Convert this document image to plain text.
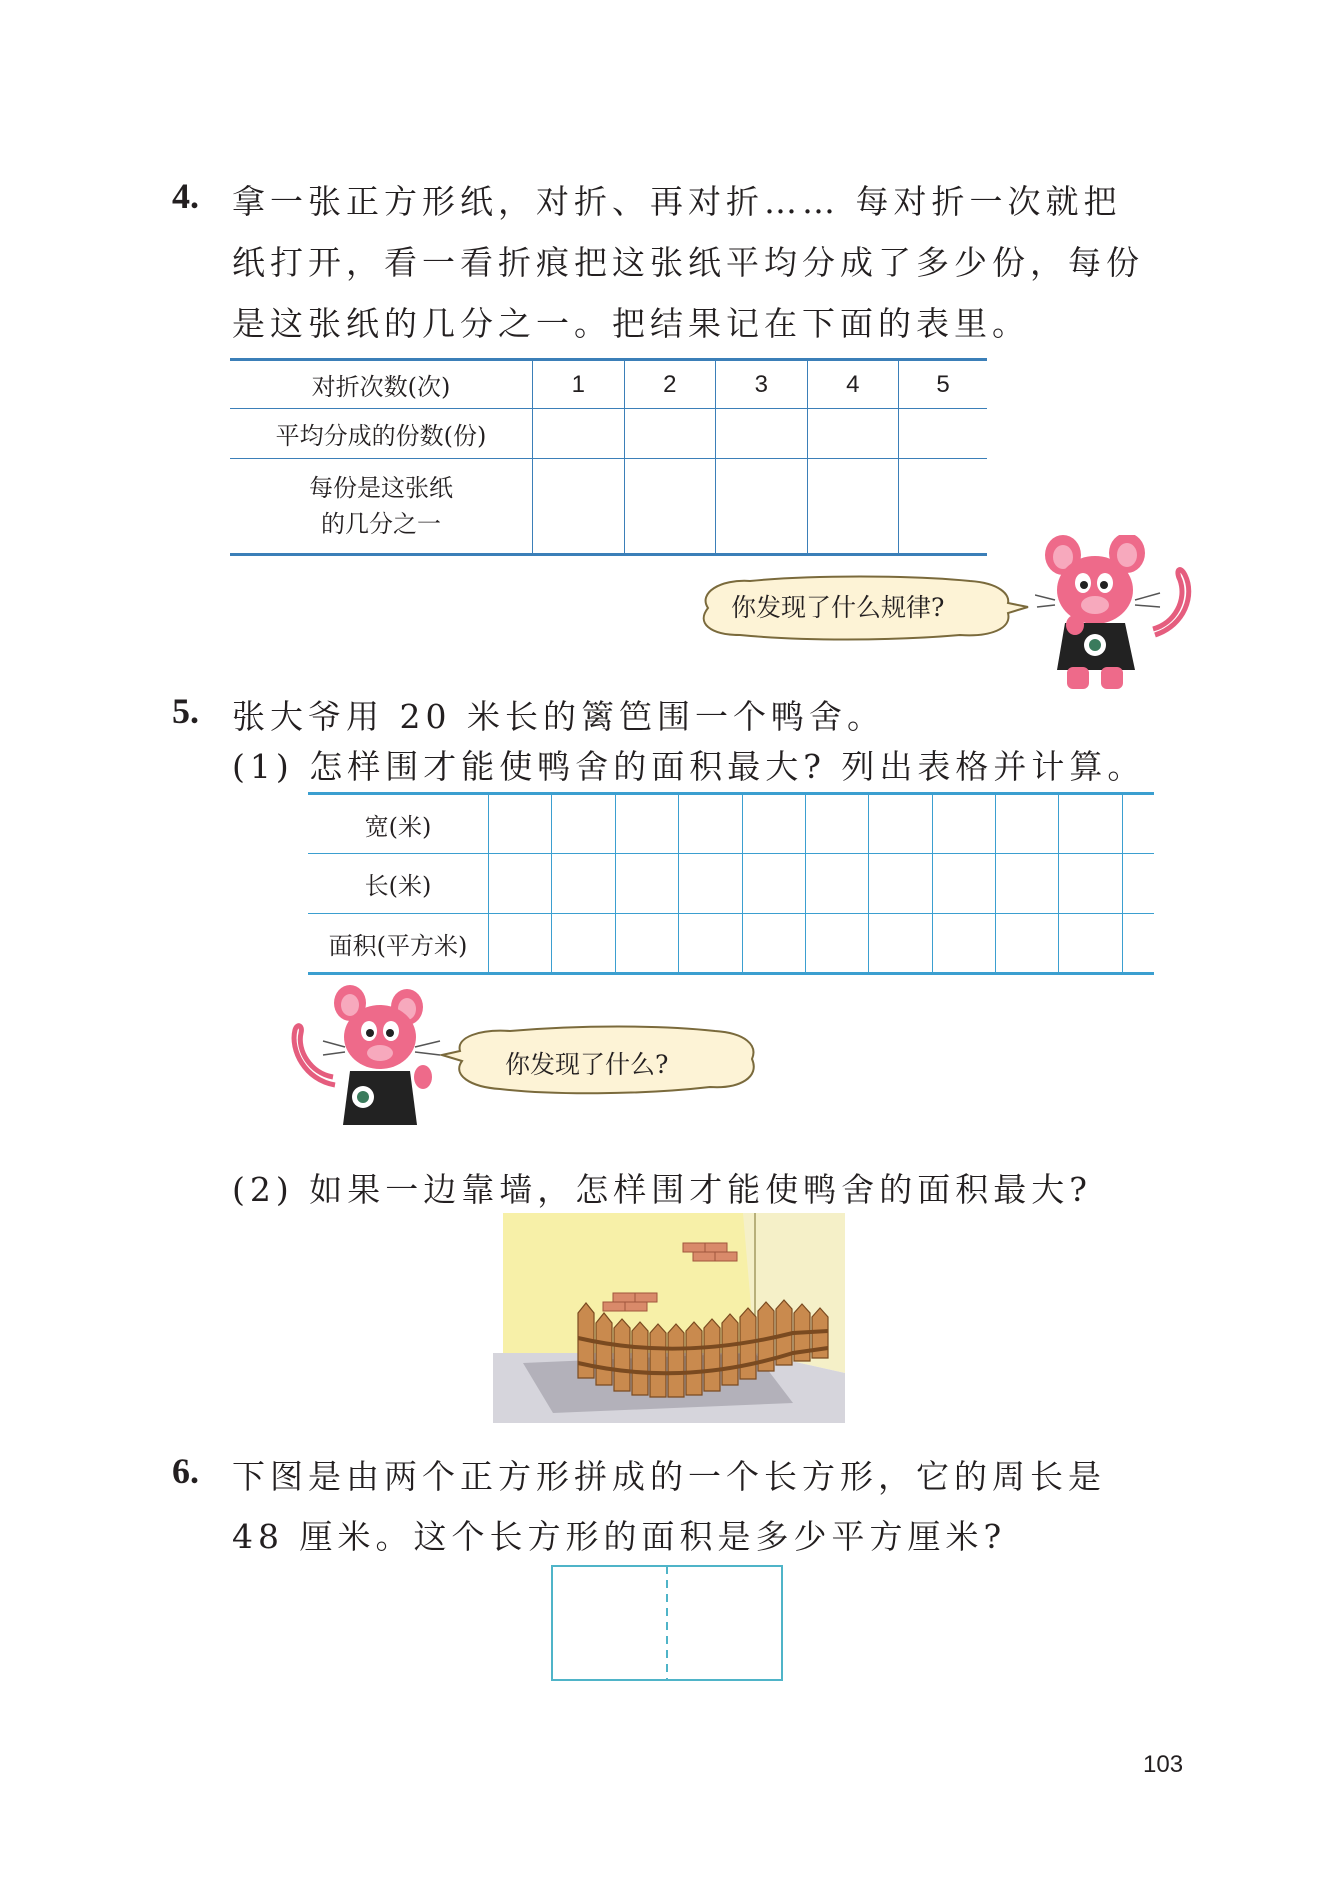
4. 拿一张正方形纸，对折、再对折…… 每对折一次就把
纸打开，看一看折痕把这张纸平均分成了多少份，每份
是这张纸的几分之一。把结果记在下面的表里。
对折次数(次)	1	2	3	4	5
平均分成的份数(份)					

每份是这张纸
的几分之一					

你发现了什么规律?
5. 张大爷用 20 米长的篱笆围一个鸭舍。
(1) 怎样围才能使鸭舍的面积最大? 列出表格并计算。
宽(米)											
长(米)											
面积(平方米)											
你发现了什么?
(2) 如果一边靠墙，怎样围才能使鸭舍的面积最大?
6. 下图是由两个正方形拼成的一个长方形，它的周长是
48 厘米。这个长方形的面积是多少平方厘米?
103
